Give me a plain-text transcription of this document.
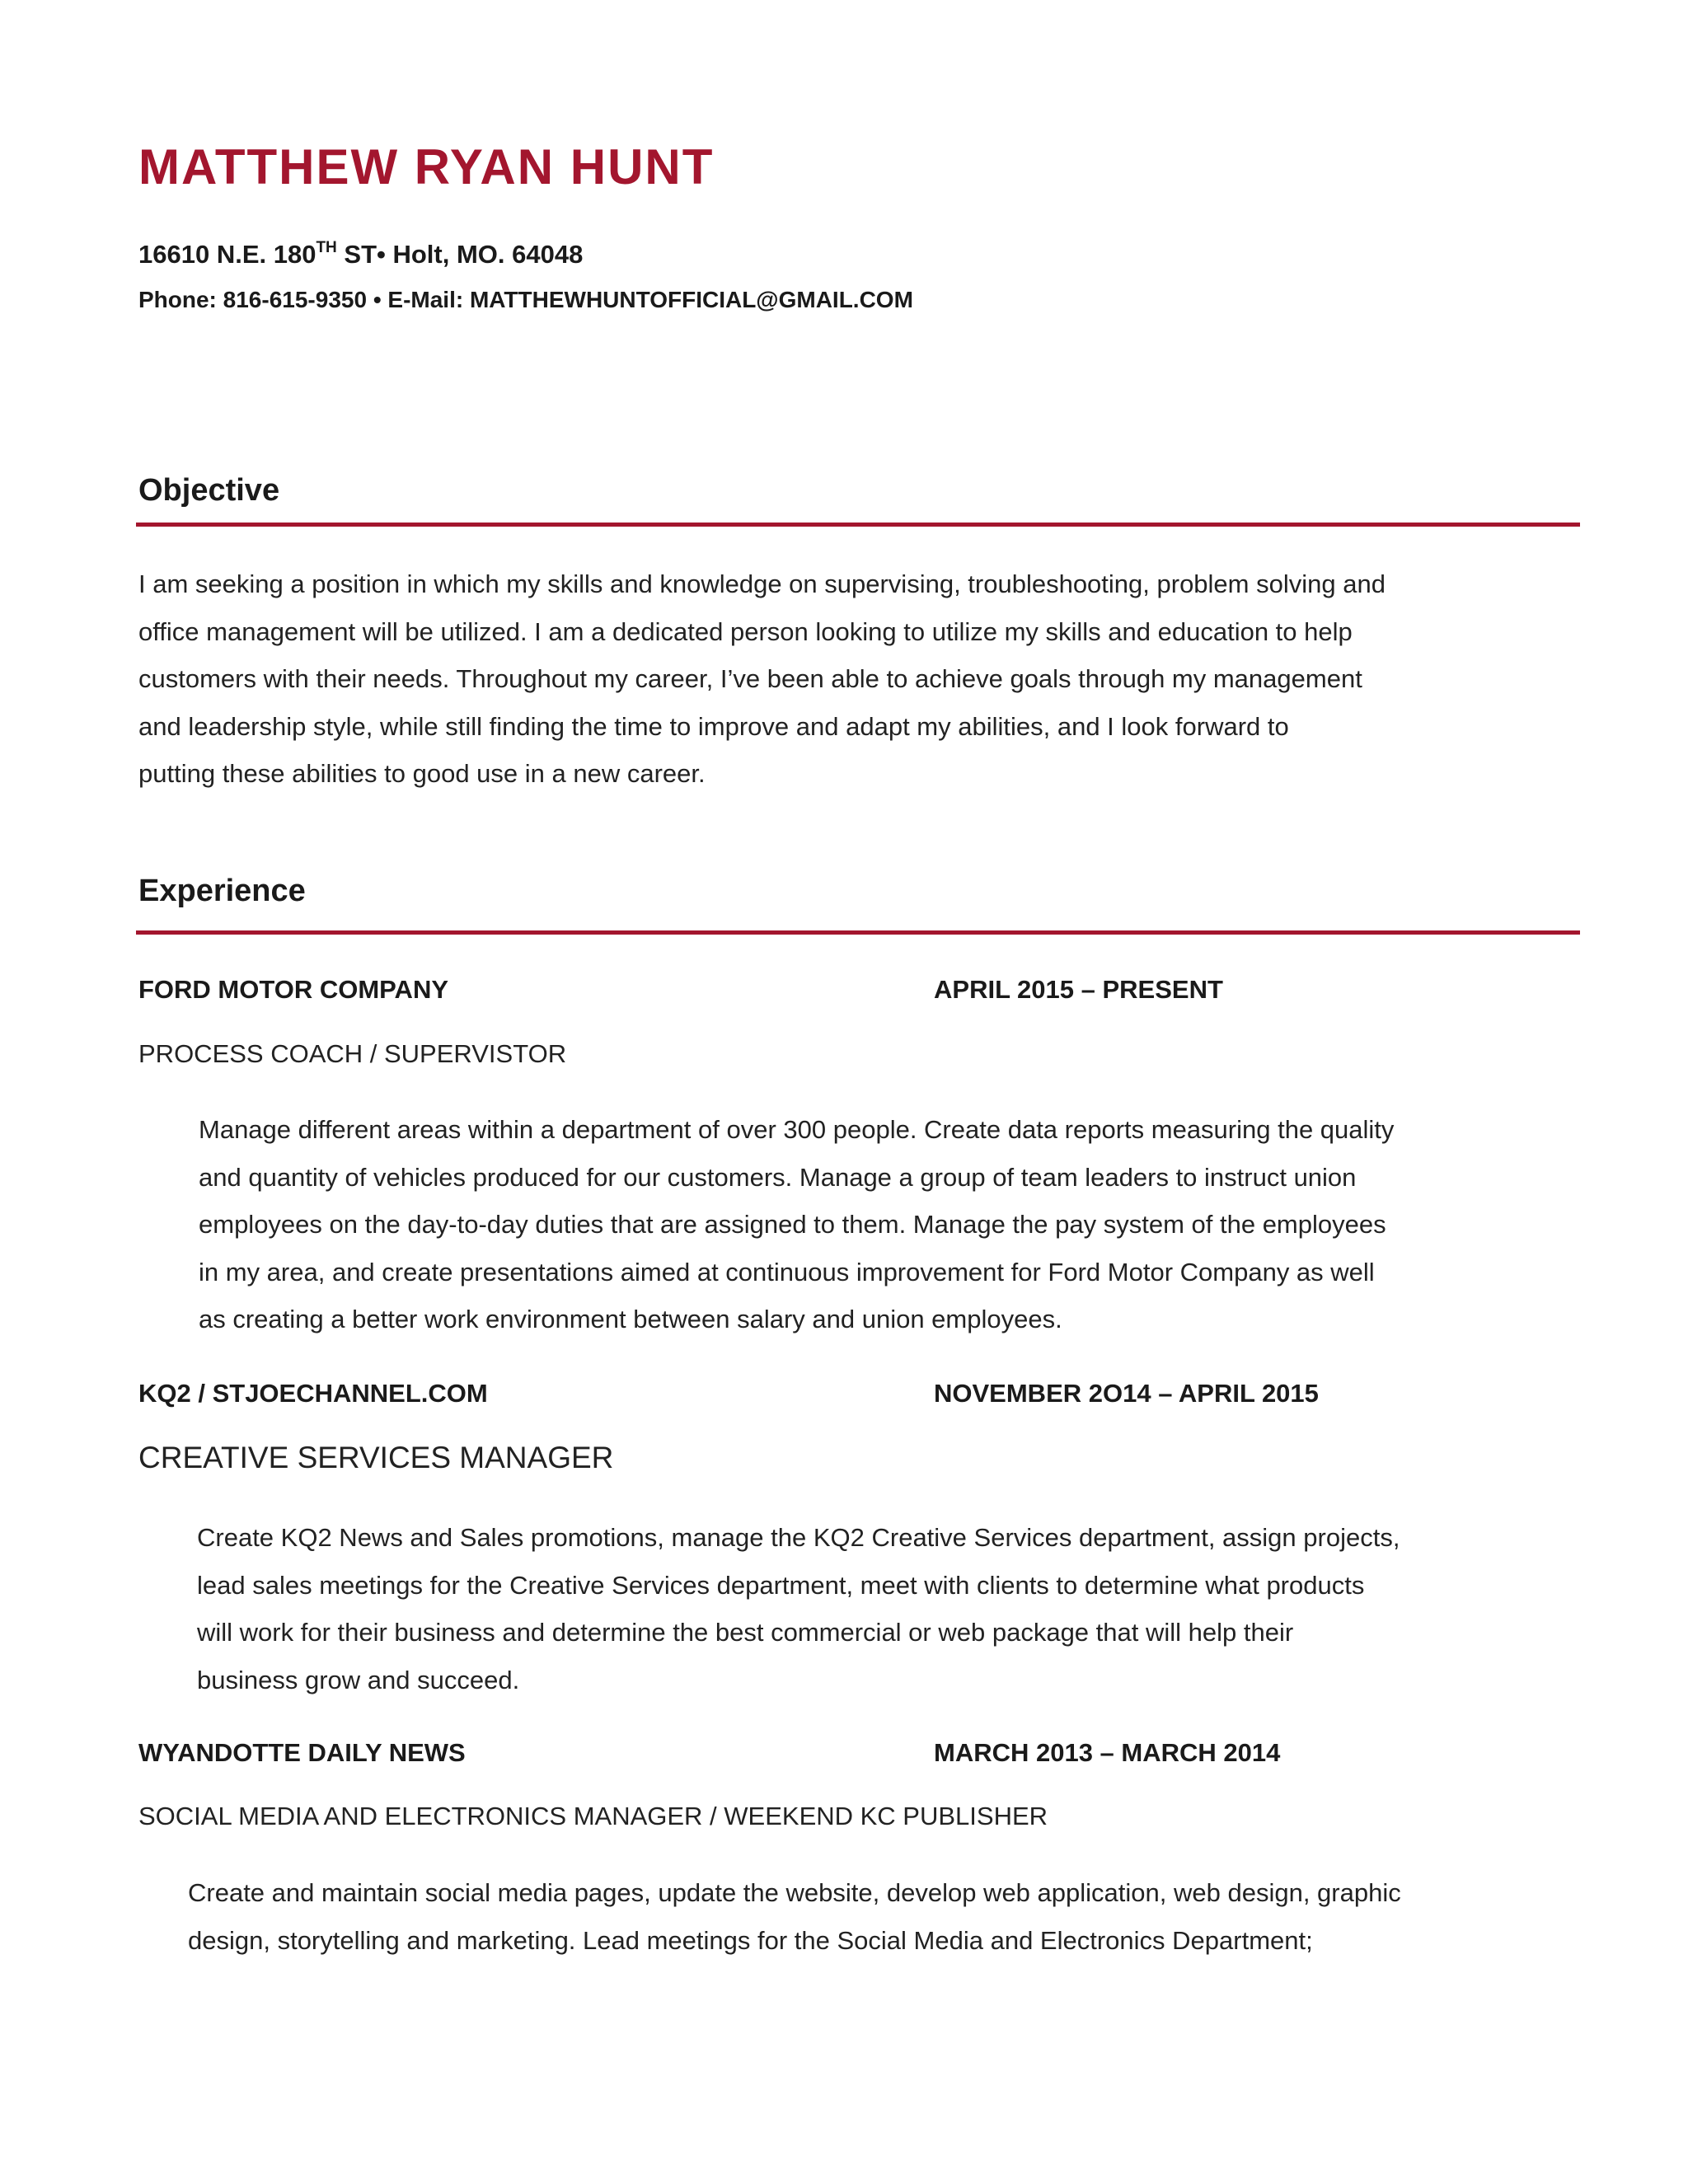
MATTHEW RYAN HUNT
16610 N.E. 180TH ST• Holt, MO. 64048
Phone: 816-615-9350 • E-Mail: MATTHEWHUNTOFFICIAL@GMAIL.COM
Objective
I am seeking a position in which my skills and knowledge on supervising, troubleshooting, problem solving and
office management will be utilized. I am a dedicated person looking to utilize my skills and education to help
customers with their needs. Throughout my career, I’ve been able to achieve goals through my management
and leadership style, while still finding the time to improve and adapt my abilities, and I look forward to
putting these abilities to good use in a new career.
Experience
FORD MOTOR COMPANY	APRIL 2015 – PRESENT
PROCESS COACH / SUPERVISTOR
Manage different areas within a department of over 300 people. Create data reports measuring the quality
and quantity of vehicles produced for our customers. Manage a group of team leaders to instruct union
employees on the day-to-day duties that are assigned to them. Manage the pay system of the employees
in my area, and create presentations aimed at continuous improvement for Ford Motor Company as well
as creating a better work environment between salary and union employees.
KQ2 / STJOECHANNEL.COM	NOVEMBER 2O14 – APRIL 2015
CREATIVE SERVICES MANAGER
Create KQ2 News and Sales promotions, manage the KQ2 Creative Services department, assign projects,
lead sales meetings for the Creative Services department, meet with clients to determine what products
will work for their business and determine the best commercial or web package that will help their
business grow and succeed.
WYANDOTTE DAILY NEWS	MARCH 2013 – MARCH 2014
SOCIAL MEDIA AND ELECTRONICS MANAGER / WEEKEND KC PUBLISHER
Create and maintain social media pages, update the website, develop web application, web design, graphic
design, storytelling and marketing. Lead meetings for the Social Media and Electronics Department;
